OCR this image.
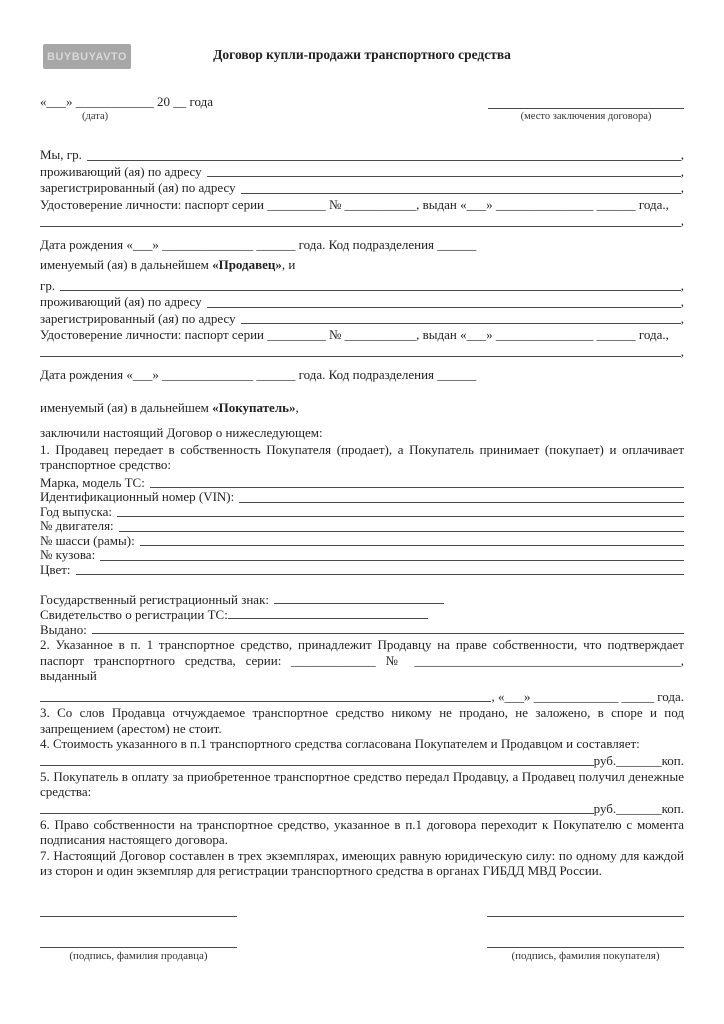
BUYBUYAVTO	Договор купли-продажи транспортного средства
«___» ____________ 20 __ года
(дата)	(место заключения договора)
Мы, гр.	,
проживающий (ая) по адресу	,
зарегистрированный (ая) по адресу	,
Удостоверение личности: паспорт серии _________ № ___________, выдан «___» _______________ ______ года.,
,
Дата рождения «___» ______________ ______ года. Код подразделения ______
именуемый (ая) в дальнейшем «Продавец», и
гр.	,
проживающий (ая) по адресу	,
зарегистрированный (ая) по адресу	,
Удостоверение личности: паспорт серии _________ № ___________, выдан «___» _______________ ______ года.,
,
Дата рождения «___» ______________ ______ года. Код подразделения ______
именуемый (ая) в дальнейшем «Покупатель»,
заключили настоящий Договор о нижеследующем:

1. Продавец передает в собственность Покупателя (продает), а Покупатель принимает (покупает) и оплачивает транспортное средство:

Марка, модель ТС:
Идентификационный номер (VIN):
Год выпуска:
№ двигателя:
№ шасси (рамы):
№ кузова:
Цвет:
Государственный регистрационный знак:
Свидетельство о регистрации ТС:
Выдано:

2. Указанное в п. 1 транспортное средство, принадлежит Продавцу на праве собственности, что подтверждает паспорт транспортного средства, серии: _____________ № _________________________________________, выданный

, «___» _____________ _____ года.

3. Со слов Продавца отчуждаемое транспортное средство никому не продано, не заложено, в споре и под запрещением (арестом) не стоит.

4. Стоимость указанного в п.1 транспортного средства согласована Покупателем и Продавцом и составляет:

руб._______коп.

5. Покупатель в оплату за приобретенное транспортное средство передал Продавцу, а Продавец получил денежные средства:

руб._______коп.

6. Право собственности на транспортное средство, указанное в п.1 договора переходит к Покупателю с момента подписания настоящего договора.

7. Настоящий Договор составлен в трех экземплярах, имеющих равную юридическую силу: по одному для каждой из сторон и один экземпляр для регистрации транспортного средства в органах ГИБДД МВД России.

(подпись, фамилия продавца)	(подпись, фамилия покупателя)
